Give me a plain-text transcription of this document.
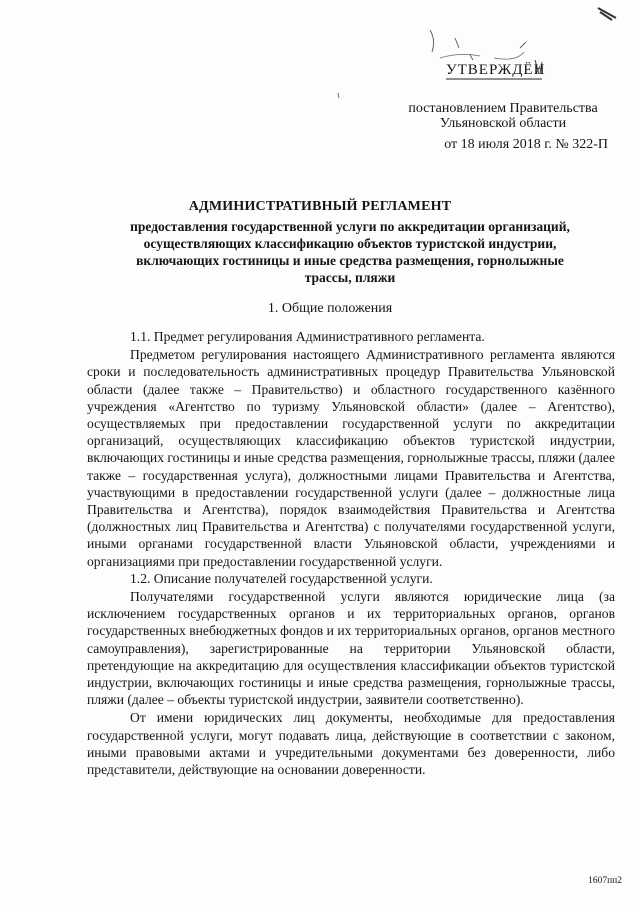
УТВЕРЖДЁН
постановлением Правительства
Ульяновской области
от 18 июля 2018 г. № 322-П
АДМИНИСТРАТИВНЫЙ РЕГЛАМЕНТ
предоставления государственной услуги по аккредитации организаций, осуществляющих классификацию объектов туристской индустрии, включающих гостиницы и иные средства размещения, горнолыжные трассы, пляжи
1. Общие положения

1.1. Предмет регулирования Административного регламента.

Предметом регулирования настоящего Административного регламента являются сроки и последовательность административных процедур Правительства Ульяновской области (далее также – Правительство) и областного государственного казённого учреждения «Агентство по туризму Ульяновской области» (далее – Агентство), осуществляемых при предоставлении государственной услуги по аккредитации организаций, осуществляющих классификацию объектов туристской индустрии, включающих гостиницы и иные средства размещения, горнолыжные трассы, пляжи (далее также – государственная услуга), должностными лицами Правительства и Агентства, участвующими в предоставлении государственной услуги (далее – должностные лица Правительства и Агентства), порядок взаимодействия Правительства и Агентства (должностных лиц Правительства и Агентства) с получателями государственной услуги, иными органами государственной власти Ульяновской области, учреждениями и организациями при предоставлении государственной услуги.

1.2. Описание получателей государственной услуги.

Получателями государственной услуги являются юридические лица (за исключением государственных органов и их территориальных органов, органов государственных внебюджетных фондов и их территориальных органов, органов местного самоуправления), зарегистрированные на территории Ульяновской области, претендующие на аккредитацию для осуществления классификации объектов туристской индустрии, включающих гостиницы и иные средства размещения, горнолыжные трассы, пляжи (далее – объекты туристской индустрии, заявители соответственно).

От имени юридических лиц документы, необходимые для предоставления государственной услуги, могут подавать лица, действующие в соответствии с законом, иными правовыми актами и учредительными документами без доверенности, либо представители, действующие на основании доверенности.

1607пп2
